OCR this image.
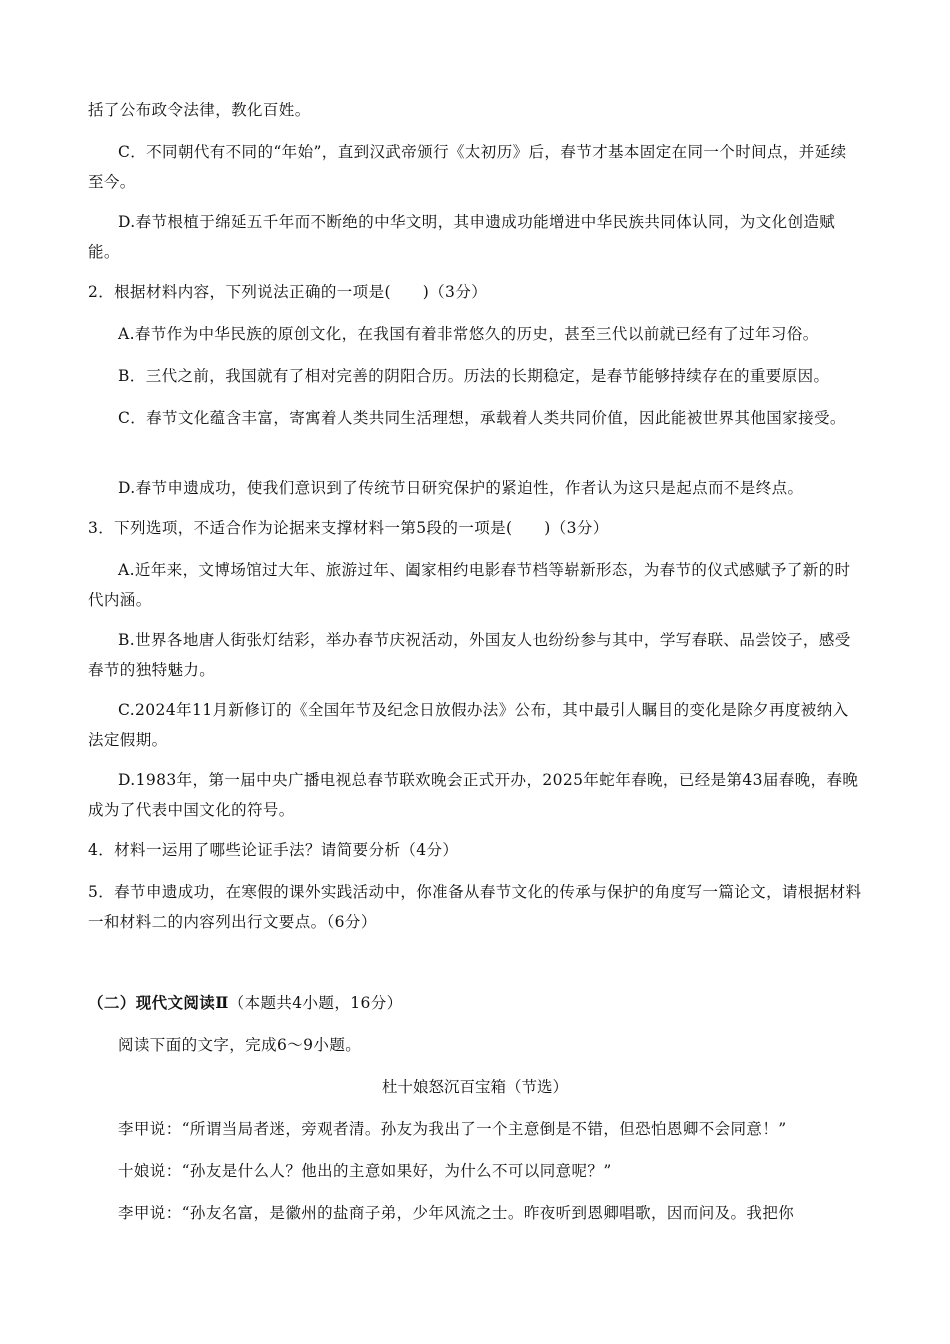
括了公布政令法律，教化百姓。

C．不同朝代有不同的“年始”，直到汉武帝颁行《太初历》后，春节才基本固定在同一个时间点，并延续至今。

D.春节根植于绵延五千年而不断绝的中华文明，其申遗成功能增进中华民族共同体认同，为文化创造赋能。

2．根据材料内容，下列说法正确的一项是(　　)（3分）

A.春节作为中华民族的原创文化，在我国有着非常悠久的历史，甚至三代以前就已经有了过年习俗。

B．三代之前，我国就有了相对完善的阴阳合历。历法的长期稳定，是春节能够持续存在的重要原因。

C．春节文化蕴含丰富，寄寓着人类共同生活理想，承载着人类共同价值，因此能被世界其他国家接受。

D.春节申遗成功，使我们意识到了传统节日研究保护的紧迫性，作者认为这只是起点而不是终点。

3．下列选项，不适合作为论据来支撑材料一第5段的一项是(　　)（3分）

A.近年来，文博场馆过大年、旅游过年、阖家相约电影春节档等崭新形态，为春节的仪式感赋予了新的时代内涵。

B.世界各地唐人街张灯结彩，举办春节庆祝活动，外国友人也纷纷参与其中，学写春联、品尝饺子，感受春节的独特魅力。

C.2024年11月新修订的《全国年节及纪念日放假办法》公布，其中最引人瞩目的变化是除夕再度被纳入法定假期。

D.1983年，第一届中央广播电视总春节联欢晚会正式开办，2025年蛇年春晚，已经是第43届春晚，春晚成为了代表中国文化的符号。

4．材料一运用了哪些论证手法？请简要分析（4分）

5．春节申遗成功，在寒假的课外实践活动中，你准备从春节文化的传承与保护的角度写一篇论文，请根据材料一和材料二的内容列出行文要点。（6分）

（二）现代文阅读Ⅱ（本题共4小题，16分）

阅读下面的文字，完成6～9小题。

杜十娘怒沉百宝箱（节选）

李甲说：“所谓当局者迷，旁观者清。孙友为我出了一个主意倒是不错，但恐怕恩卿不会同意！”

十娘说：“孙友是什么人？他出的主意如果好，为什么不可以同意呢？”

李甲说：“孙友名富，是徽州的盐商子弟，少年风流之士。昨夜听到恩卿唱歌，因而问及。我把你
